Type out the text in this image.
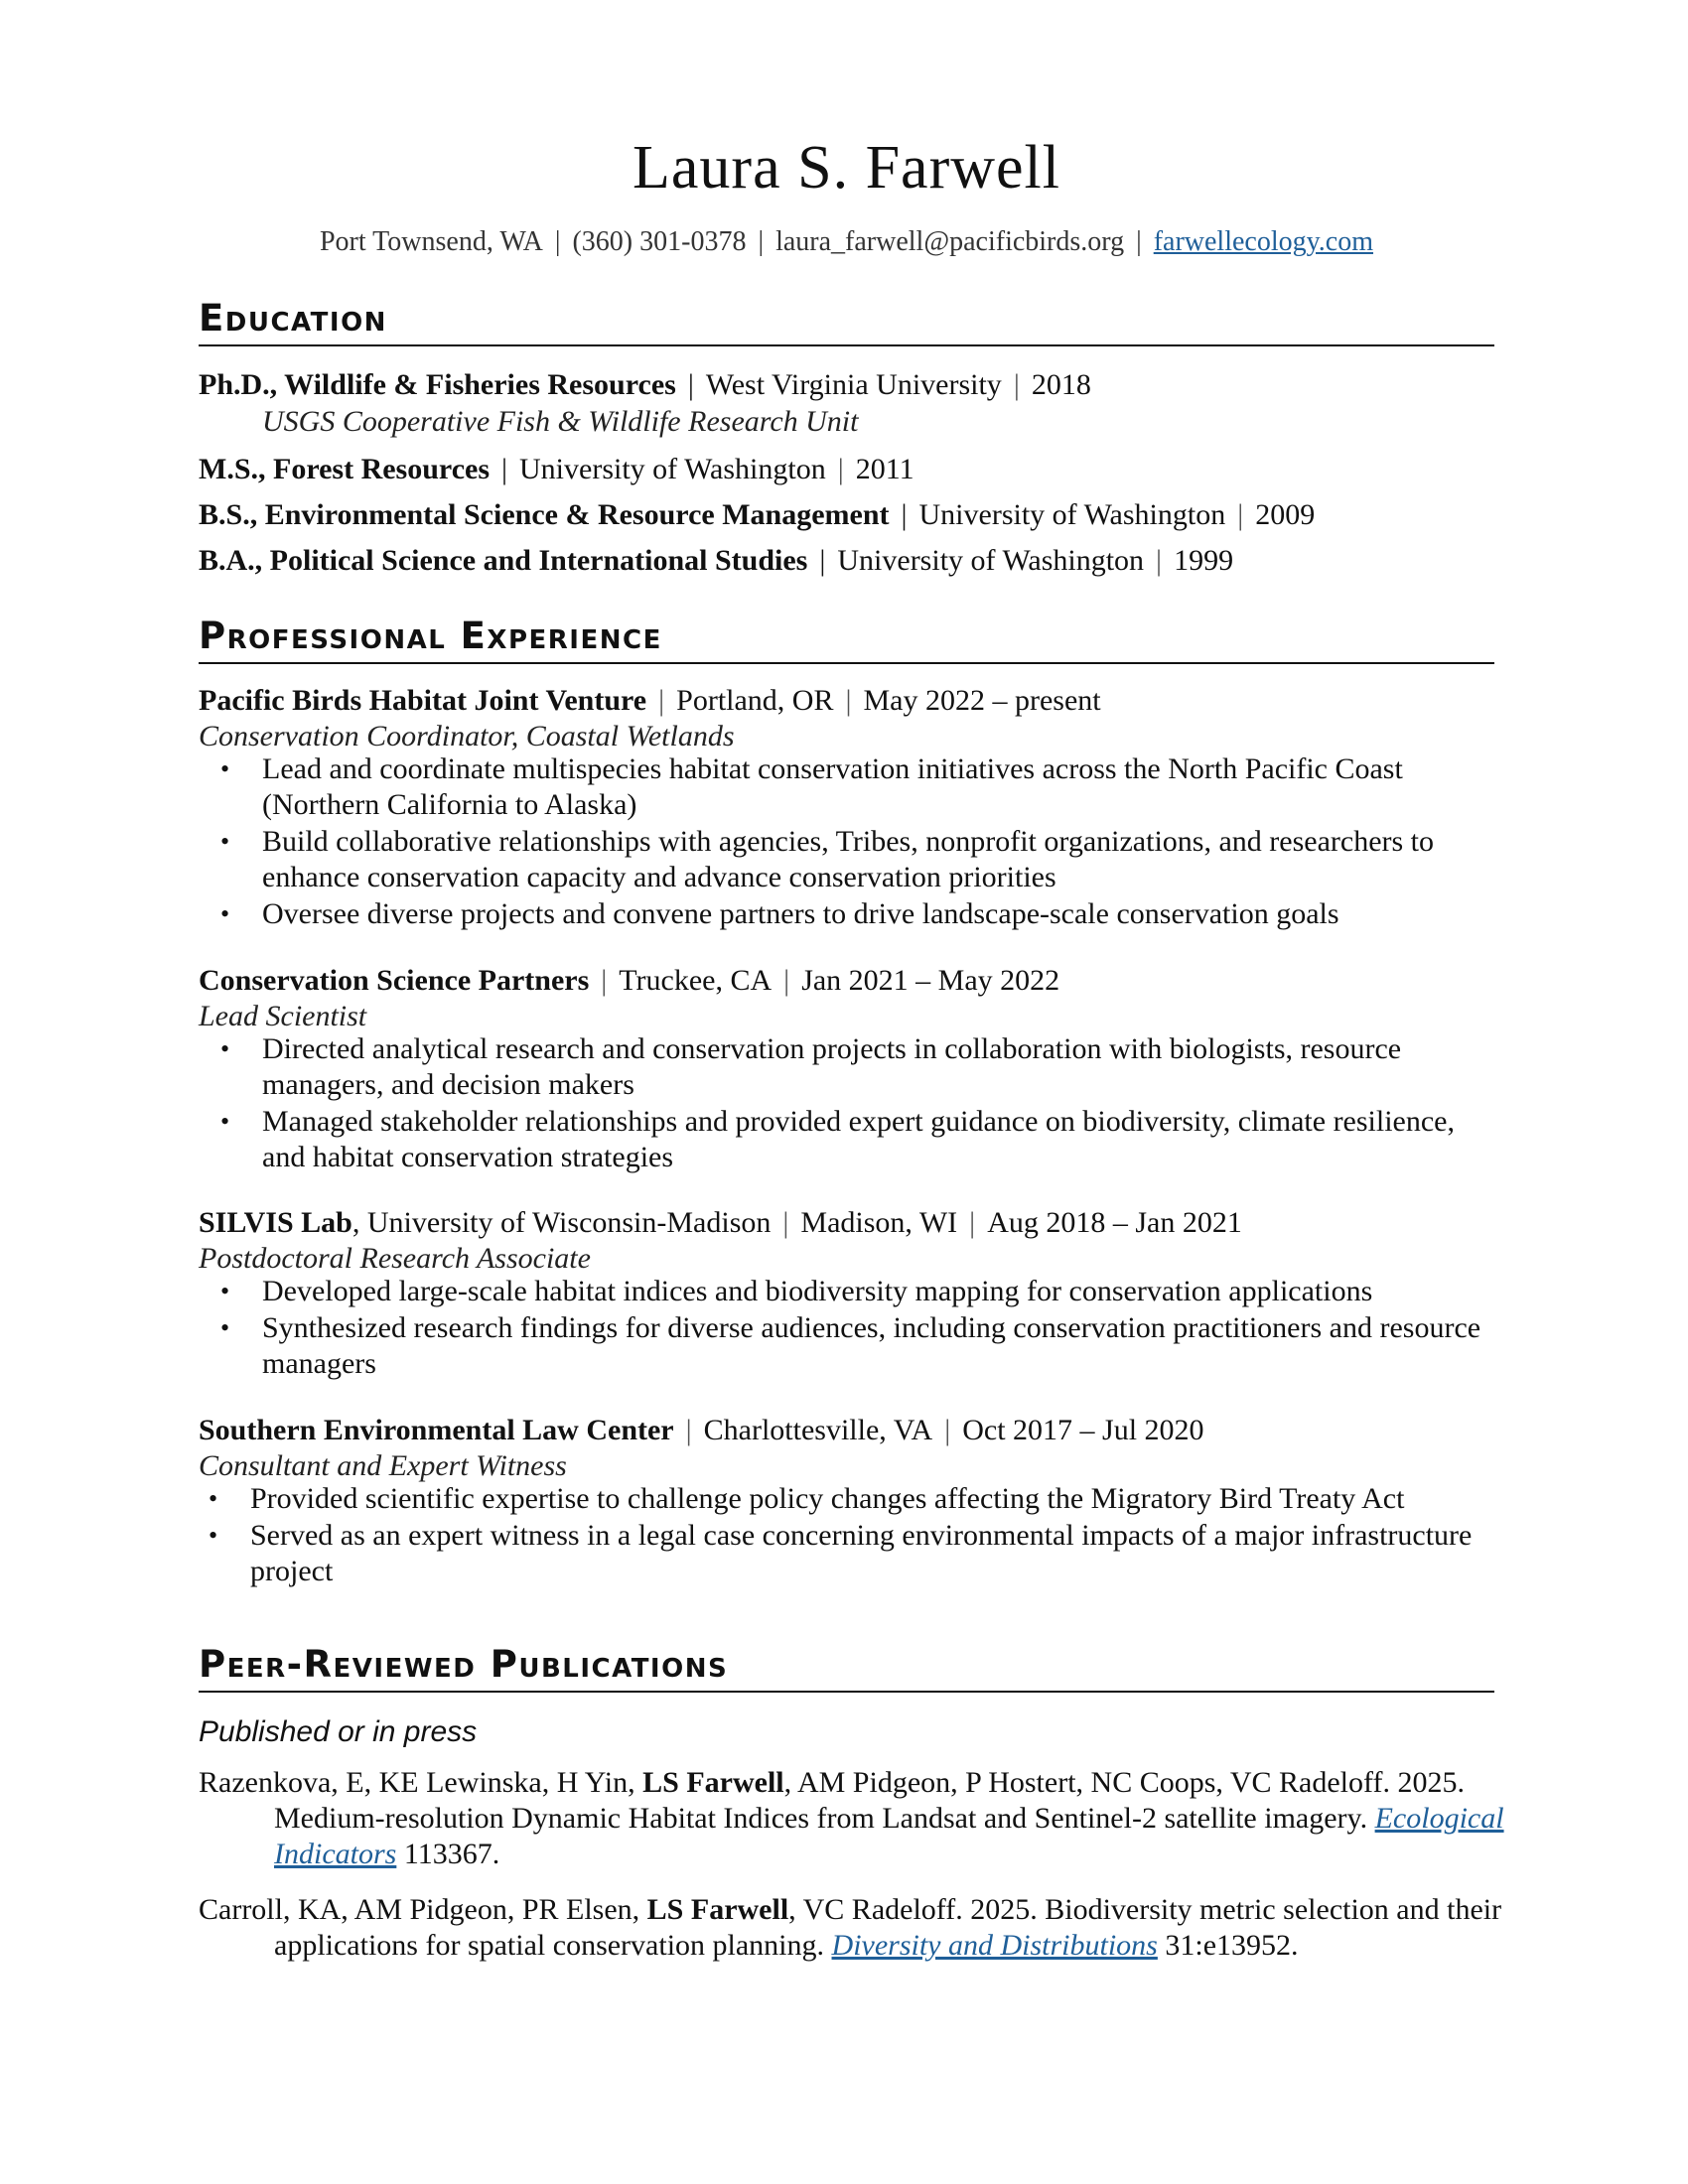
Laura S. Farwell
Port Townsend, WA | (360) 301-0378 | laura_farwell@pacificbirds.org | farwellecology.com
Education
Ph.D., Wildlife & Fisheries Resources | West Virginia University | 2018
USGS Cooperative Fish & Wildlife Research Unit
M.S., Forest Resources | University of Washington | 2011
B.S., Environmental Science & Resource Management | University of Washington | 2009
B.A., Political Science and International Studies | University of Washington | 1999
Professional Experience
Pacific Birds Habitat Joint Venture | Portland, OR | May 2022 – present
Conservation Coordinator, Coastal Wetlands
• Lead and coordinate multispecies habitat conservation initiatives across the North Pacific Coast (Northern California to Alaska)
• Build collaborative relationships with agencies, Tribes, nonprofit organizations, and researchers to enhance conservation capacity and advance conservation priorities
• Oversee diverse projects and convene partners to drive landscape-scale conservation goals
Conservation Science Partners | Truckee, CA | Jan 2021 – May 2022
Lead Scientist
• Directed analytical research and conservation projects in collaboration with biologists, resource managers, and decision makers
• Managed stakeholder relationships and provided expert guidance on biodiversity, climate resilience, and habitat conservation strategies
SILVIS Lab, University of Wisconsin-Madison | Madison, WI | Aug 2018 – Jan 2021
Postdoctoral Research Associate
• Developed large-scale habitat indices and biodiversity mapping for conservation applications
• Synthesized research findings for diverse audiences, including conservation practitioners and resource managers
Southern Environmental Law Center | Charlottesville, VA | Oct 2017 – Jul 2020
Consultant and Expert Witness
• Provided scientific expertise to challenge policy changes affecting the Migratory Bird Treaty Act
• Served as an expert witness in a legal case concerning environmental impacts of a major infrastructure project
Peer-Reviewed Publications
Published or in press
Razenkova, E, KE Lewinska, H Yin, LS Farwell, AM Pidgeon, P Hostert, NC Coops, VC Radeloff. 2025. Medium-resolution Dynamic Habitat Indices from Landsat and Sentinel-2 satellite imagery. Ecological Indicators 113367.
Carroll, KA, AM Pidgeon, PR Elsen, LS Farwell, VC Radeloff. 2025. Biodiversity metric selection and their applications for spatial conservation planning. Diversity and Distributions 31:e13952.
